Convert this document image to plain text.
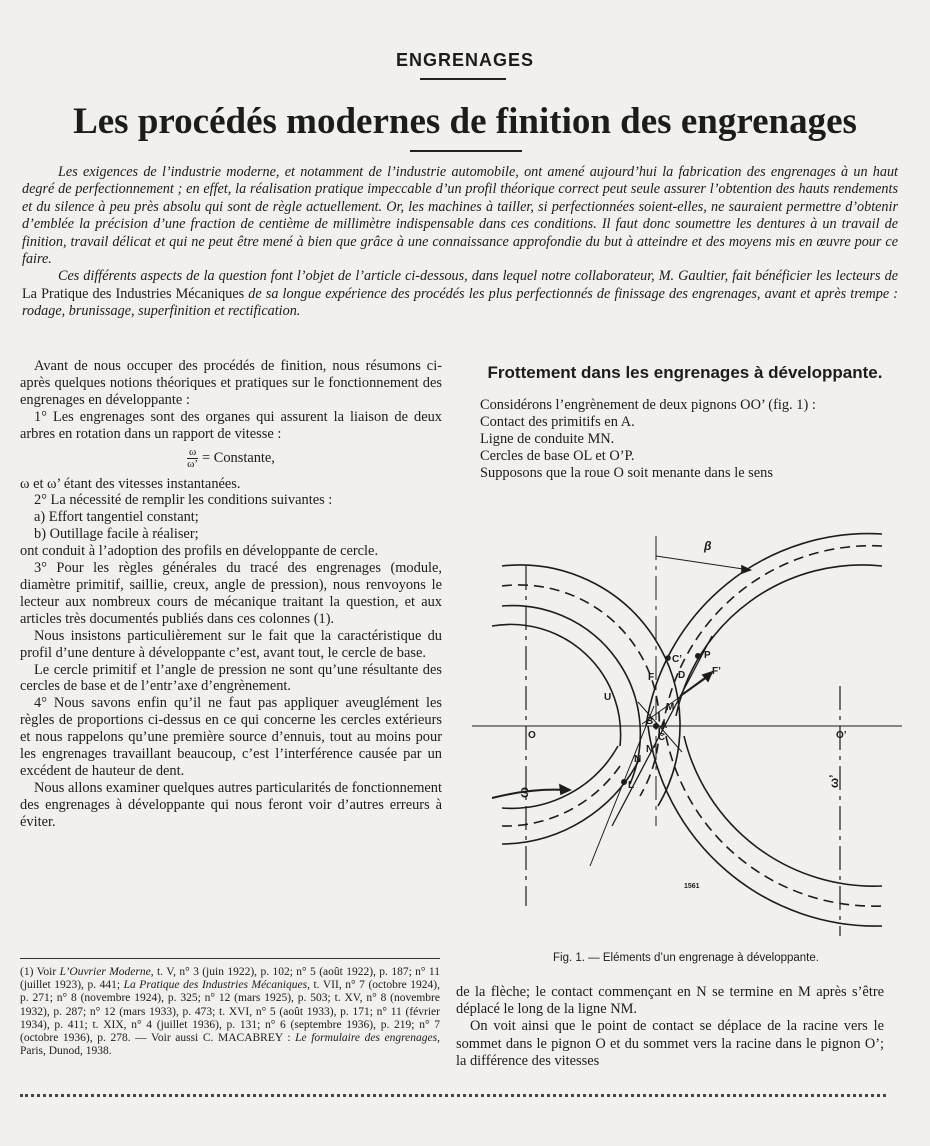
ENGRENAGES
Les procédés modernes de finition des engrenages

Les exigences de l’industrie moderne, et notamment de l’industrie automobile, ont amené aujourd’hui la fabrication des engrenages à un haut degré de perfectionnement ; en effet, la réalisation pratique impeccable d’un profil théorique correct peut seule assurer l’obtention des hauts rendements et du silence à peu près absolu qui sont de règle actuellement. Or, les machines à tailler, si perfectionnées soient-elles, ne sauraient permettre d’obtenir d’emblée la précision d’une fraction de centième de millimètre indispensable dans ces conditions. Il faut donc soumettre les dentures à un travail de finition, travail délicat et qui ne peut être mené à bien que grâce à une connaissance approfondie du but à atteindre et des moyens mis en œuvre pour ce faire.

Ces différents aspects de la question font l’objet de l’article ci-dessous, dans lequel notre collaborateur, M. Gaultier, fait bénéficier les lecteurs de La Pratique des Industries Mécaniques de sa longue expérience des procédés les plus perfectionnés de finissage des engrenages, avant et après trempe : rodage, brunissage, superfinition et rectification.

Avant de nous occuper des procédés de finition, nous résumons ci-après quelques notions théoriques et pratiques sur le fonctionnement des engrenages en développante :

1° Les engrenages sont des organes qui assurent la liaison de deux arbres en rotation dans un rapport de vitesse :

$\frac{\omega}{\omega’}$ = Constante,

ω et ω’ étant des vitesses instantanées.

2° La nécessité de remplir les conditions suivantes :

a) Effort tangentiel constant;

b) Outillage facile à réaliser;

ont conduit à l’adoption des profils en développante de cercle.

3° Pour les règles générales du tracé des engrenages (module, diamètre primitif, saillie, creux, angle de pression), nous renvoyons le lecteur aux nombreux cours de mécanique traitant la question, et aux articles très documentés publiés dans ces colonnes (1).

Nous insistons particulièrement sur le fait que la caractéristique du profil d’une denture à développante c’est, avant tout, le cercle de base.

Le cercle primitif et l’angle de pression ne sont qu’une résultante des cercles de base et de l’entr’axe d’engrènement.

4° Nous savons enfin qu’il ne faut pas appliquer aveuglément les règles de proportions ci-dessus en ce qui concerne les cercles extérieurs et nous rappelons qu’une première source d’ennuis, tout au moins pour les engrenages travaillant beaucoup, c’est l’interférence causée par un excédent de hauteur de dent.

Nous allons examiner quelques autres particularités de fonctionnement des engrenages à développante qui nous feront voir d’autres erreurs à éviter.

(1) Voir L’Ouvrier Moderne, t. V, n° 3 (juin 1922), p. 102; n° 5 (août 1922), p. 187; n° 11 (juillet 1923), p. 441; La Pratique des Industries Mécaniques, t. VII, n° 7 (octobre 1924), p. 271; n° 8 (novembre 1924), p. 325; n° 12 (mars 1925), p. 503; t. XV, n° 8 (novembre 1932), p. 287; n° 12 (mars 1933), p. 473; t. XVI, n° 5 (août 1933), p. 171; n° 11 (février 1934), p. 411; t. XIX, n° 4 (juillet 1936), p. 131; n° 6 (septembre 1936), p. 219; n° 7 (octobre 1936), p. 278. — Voir aussi C. MACABREY : Le formulaire des engrenages, Paris, Dunod, 1938.
Frottement dans les engrenages à développante.

Considérons l’engrènement de deux pignons OO’ (fig. 1) :

Contact des primitifs en A.

Ligne de conduite MN.

Cercles de base OL et O’P.

Supposons que la roue O soit menante dans le sens

β
O	O’
ω
ω’
P
F’
C’
F D
M
U
B A
C
N
N’
L
1561
Fig. 1. — Eléments d’un engrenage à développante.

de la flèche; le contact commençant en N se termine en M après s’être déplacé le long de la ligne NM.

On voit ainsi que le point de contact se déplace de la racine vers le sommet dans le pignon O et du sommet vers la racine dans le pignon O’; la différence des vitesses
